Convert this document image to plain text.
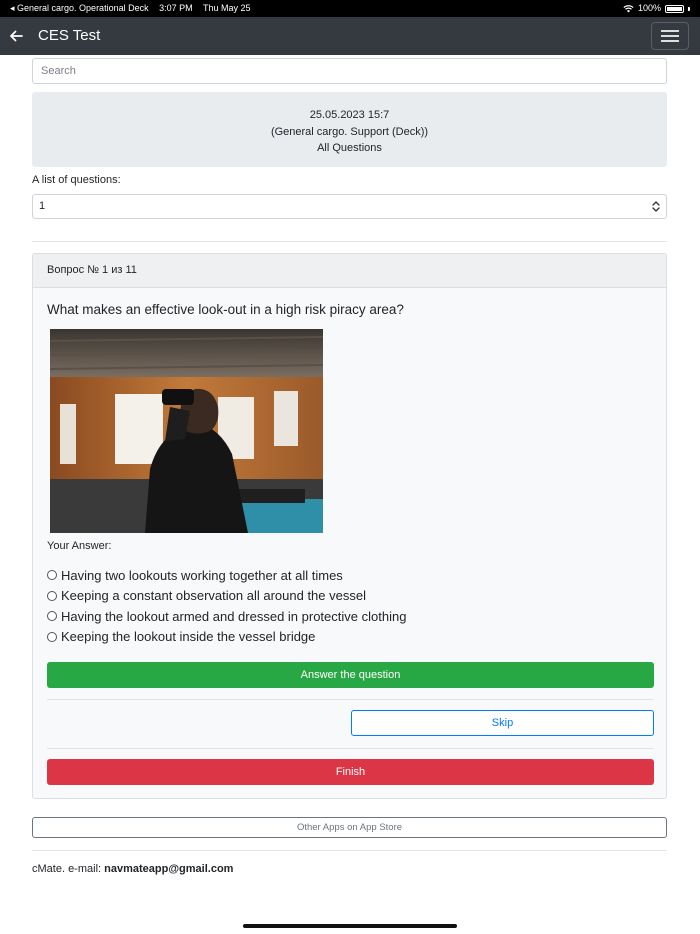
◂ General cargo. Operational Deck 3:07 PM Thu May 25	100%
CES Test
Search
25.05.2023 15:7
(General cargo. Support (Deck))
All Questions
A list of questions:
1
Вопрос № 1 из 11
What makes an effective look-out in a high risk piracy area?
Your Answer:
Having two lookouts working together at all times
Keeping a constant observation all around the vessel
Having the lookout armed and dressed in protective clothing
Keeping the lookout inside the vessel bridge
Answer the question
Skip
Finish
Other Apps on App Store
cMate. e-mail: navmateapp@gmail.com
